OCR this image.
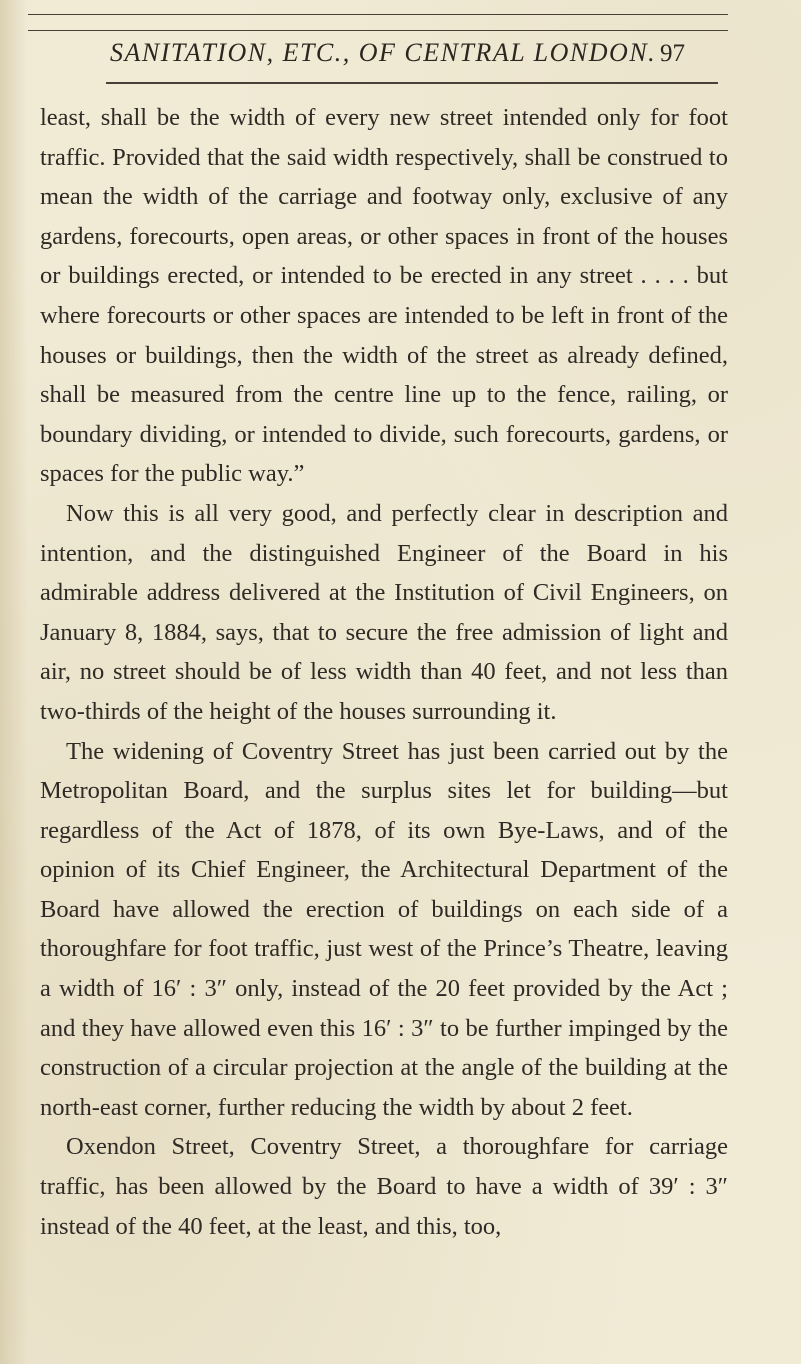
SANITATION, ETC., OF CENTRAL LONDON. 97

least, shall be the width of every new street intended only for foot traffic. Provided that the said width respectively, shall be construed to mean the width of the carriage and footway only, exclusive of any gardens, forecourts, open areas, or other spaces in front of the houses or buildings erected, or intended to be erected in any street . . . . but where forecourts or other spaces are intended to be left in front of the houses or buildings, then the width of the street as already defined, shall be measured from the centre line up to the fence, railing, or boundary dividing, or intended to divide, such forecourts, gardens, or spaces for the public way.”

Now this is all very good, and perfectly clear in description and intention, and the distinguished Engineer of the Board in his admirable address delivered at the Institution of Civil Engineers, on January 8, 1884, says, that to secure the free admission of light and air, no street should be of less width than 40 feet, and not less than two-thirds of the height of the houses surrounding it.

The widening of Coventry Street has just been carried out by the Metropolitan Board, and the surplus sites let for building—but regardless of the Act of 1878, of its own Bye-Laws, and of the opinion of its Chief Engineer, the Architectural Department of the Board have allowed the erection of buildings on each side of a thoroughfare for foot traffic, just west of the Prince’s Theatre, leaving a width of 16′ : 3″ only, instead of the 20 feet provided by the Act ; and they have allowed even this 16′ : 3″ to be further impinged by the construction of a circular projection at the angle of the building at the north-east corner, further reducing the width by about 2 feet.

Oxendon Street, Coventry Street, a thoroughfare for carriage traffic, has been allowed by the Board to have a width of 39′ : 3″ instead of the 40 feet, at the least, and this, too,
